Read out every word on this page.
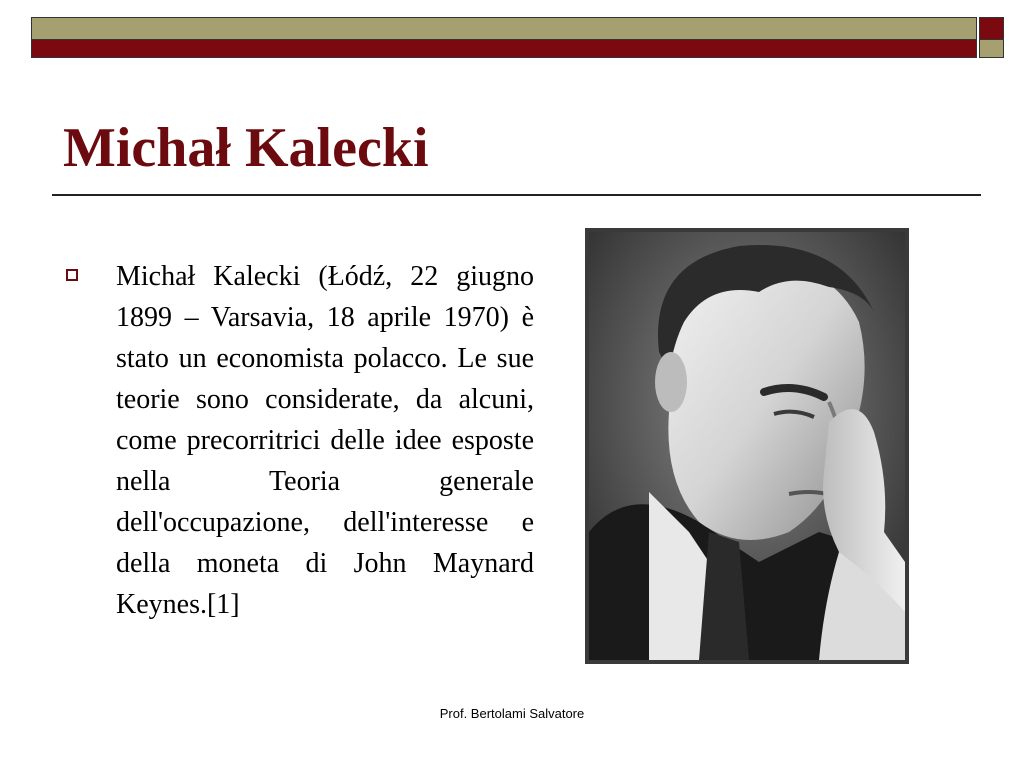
Michał Kalecki

Michał Kalecki (Łódź, 22 giugno 1899 – Varsavia, 18 aprile 1970) è stato un economista polacco. Le sue teorie sono considerate, da alcuni, come precorritrici delle idee esposte nella Teoria generale dell'occupazione, dell'interesse e della moneta di John Maynard Keynes.[1]

Prof. Bertolami Salvatore
